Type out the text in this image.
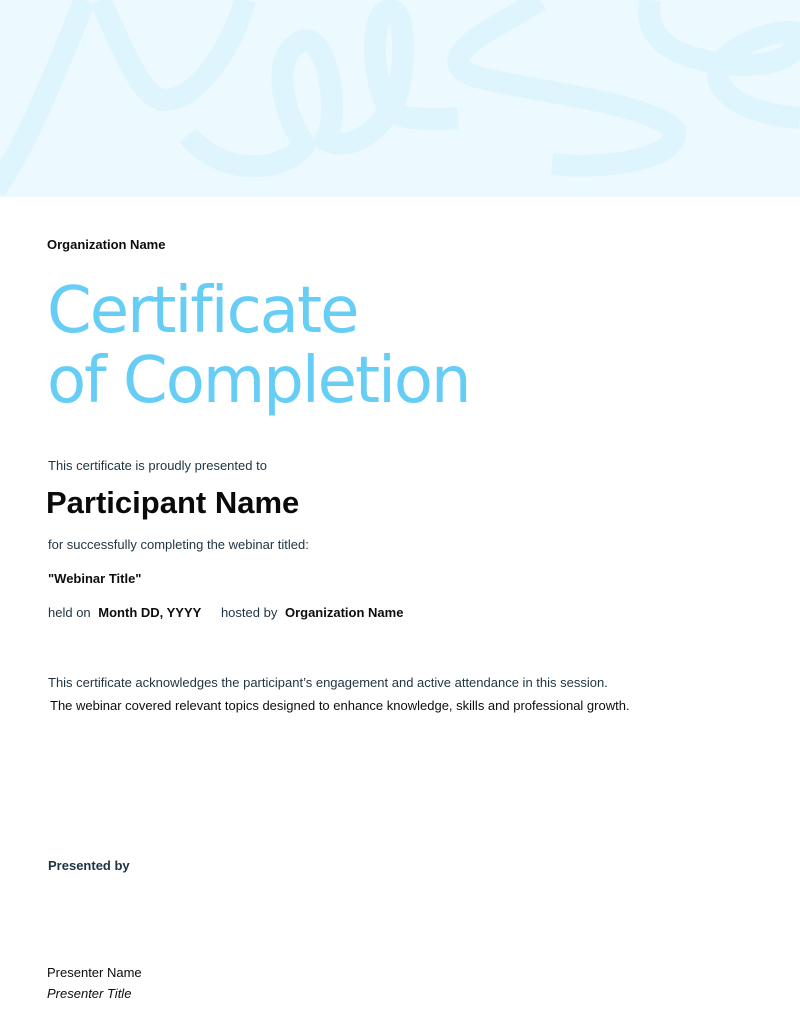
Organization Name
Certificate
of Completion
This certificate is proudly presented to
Participant Name
for successfully completing the webinar titled:
"Webinar Title"
held on Month DD, YYYY hosted by Organization Name
This certificate acknowledges the participant’s engagement and active attendance in this session.
The webinar covered relevant topics designed to enhance knowledge, skills and professional growth.
Presented by
Presenter Name
Presenter Title
